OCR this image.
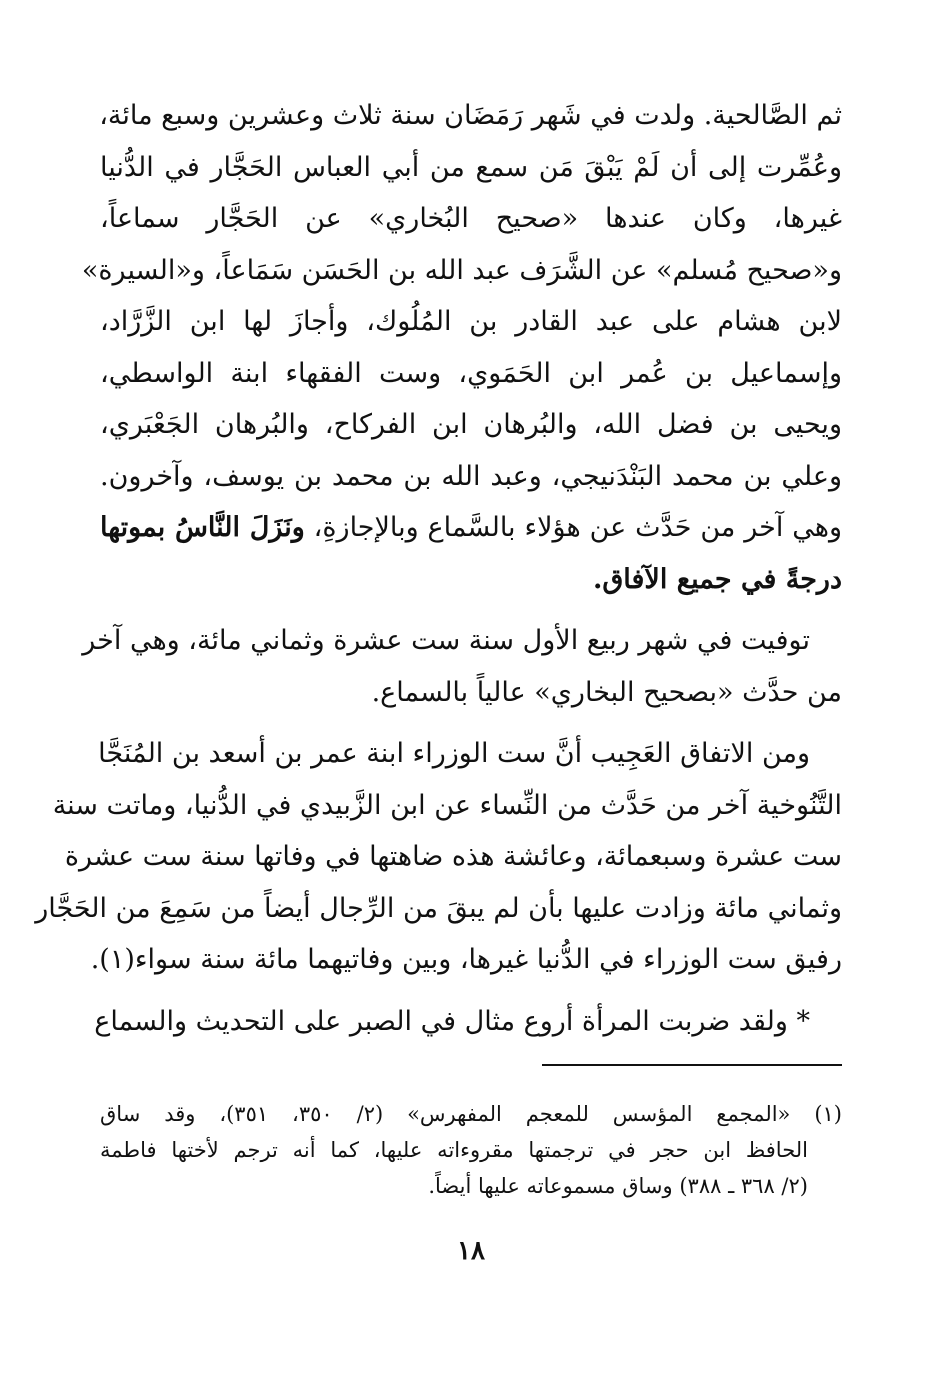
ثم الصَّالحية. ولدت في شَهر رَمَضَان سنة ثلاث وعشرين وسبع مائة،
وعُمِّرت إلى أن لَمْ يَبْقَ مَن سمع من أبي العباس الحَجَّار في الدُّنيا
غيرها، وكان عندها «صحيح البُخاري» عن الحَجَّار سماعاً،
و«صحيح مُسلم» عن الشَّرَف عبد الله بن الحَسَن سَمَاعاً، و«السيرة»
لابن هشام على عبد القادر بن المُلُوك، وأجازَ لها ابن الزَّرَّاد،
وإسماعيل بن عُمر ابن الحَمَوي، وست الفقهاء ابنة الواسطي،
ويحيى بن فضل الله، والبُرهان ابن الفركاح، والبُرهان الجَعْبَري،
وعلي بن محمد البَنْدَنيجي، وعبد الله بن محمد بن يوسف، وآخرون.
وهي آخر من حَدَّث عن هؤلاء بالسَّماع وبالإجازةِ، ونَزَلَ النَّاسُ بموتها
درجةً في جميع الآفاق.
توفيت في شهر ربيع الأول سنة ست عشرة وثماني مائة، وهي آخر
من حدَّث «بصحيح البخاري» عالياً بالسماع.
ومن الاتفاق العَجِيب أنَّ ست الوزراء ابنة عمر بن أسعد بن المُنَجَّا
التَّنُوخية آخر من حَدَّث من النِّساء عن ابن الزَّبيدي في الدُّنيا، وماتت سنة
ست عشرة وسبعمائة، وعائشة هذه ضاهتها في وفاتها سنة ست عشرة
وثماني مائة وزادت عليها بأن لم يبقَ من الرِّجال أيضاً من سَمِعَ من الحَجَّار
رفيق ست الوزراء في الدُّنيا غيرها، وبين وفاتيهما مائة سنة سواء(١).
* ولقد ضربت المرأة أروع مثال في الصبر على التحديث والسماع
(١) «المجمع المؤسس للمعجم المفهرس» (٢/ ٣٥٠، ٣٥١)، وقد ساق
الحافظ ابن حجر في ترجمتها مقروءاته عليها، كما أنه ترجم لأختها فاطمة
(٢/ ٣٦٨ ـ ٣٨٨) وساق مسموعاته عليها أيضاً.
١٨
